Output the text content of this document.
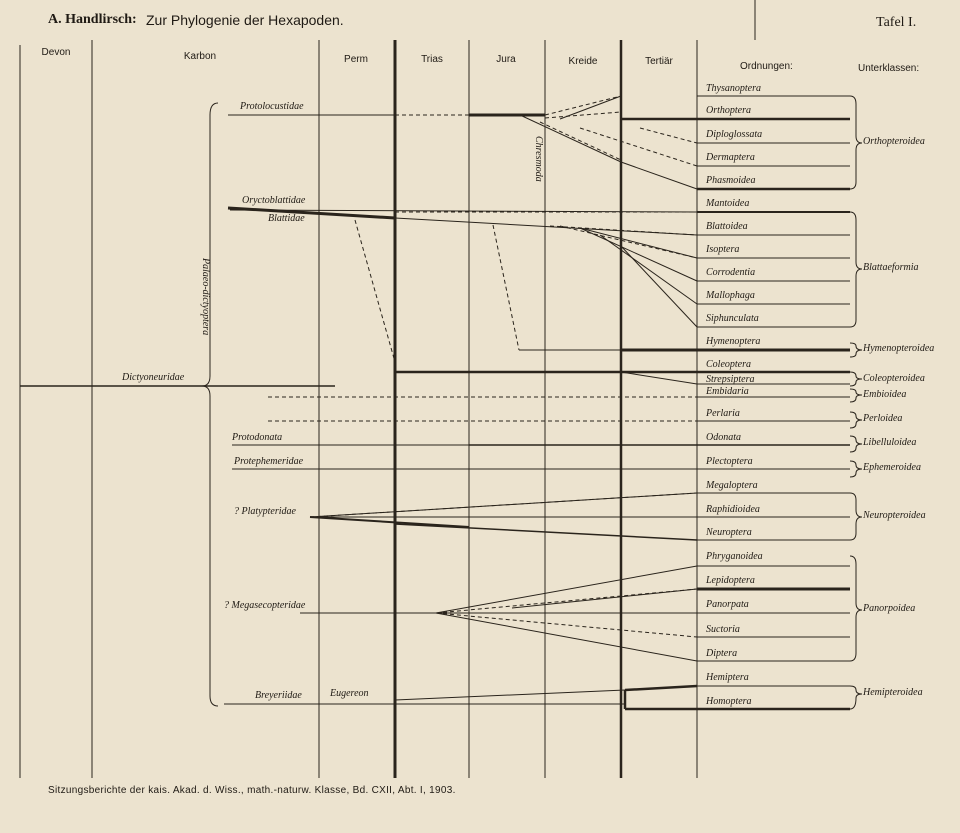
A. Handlirsch: Zur Phylogenie der Hexapoden.	Tafel I.
Devon	Karbon	Perm	Trias	Jura	Kreide	Tertiär	Ordnungen:	Unterklassen:
Thysanoptera
Orthoptera
Diploglossata
Dermaptera
Phasmoidea
Mantoidea
Blattoidea
Isoptera
Corrodentia
Mallophaga
Siphunculata
Hymenoptera
Coleoptera
Strepsiptera
Embidaria
Perlaria
Odonata
Plectoptera
Megaloptera
Raphidioidea
Neuroptera
Phryganoidea
Lepidoptera
Panorpata
Suctoria
Diptera
Hemiptera
Homoptera
Protolocustidae
Oryctoblattidae
Blattidae
Dictyoneuridae
Protodonata
Protephemeridae
? Platypteridae
? Megasecopteridae
Breyeriidae	Eugereon
Palaeo-dictyoptera
Chresmoda	Orthopteroidea
Blattaeformia
Hymenopteroidea
Coleopteroidea
Embioidea
Perloidea
Libelluloidea
Ephemeroidea
Neuropteroidea
Panorpoidea
Hemipteroidea
Sitzungsberichte der kais. Akad. d. Wiss., math.-naturw. Klasse, Bd. CXII, Abt. I, 1903.
